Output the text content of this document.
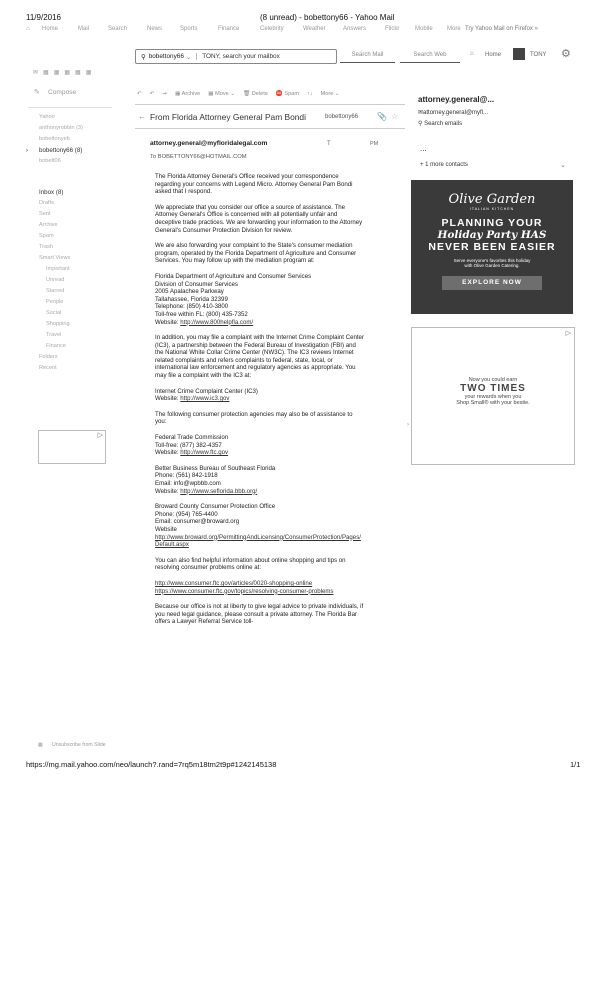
11/9/2016	(8 unread) - bobettony66 - Yahoo Mail
⌂	Home	Mail	Search	News	Sports	Finance	Celebrity	Weather	Answers	Flickr	Mobile	More Try Yahoo Mail on Firefox »
⚲ bobettony66 ⌄	TONY, search your mailbox	Search Mail	Search Web	⌂ Home	TONY ⚙
✉▦▦▦▦▦
✎ Compose
Yahoo
anthonyrobbin (3)
bobettonyeb
› bobettony66 (8)
bobett06
Inbox (8)
Drafts
Sent
Archive
Spam
Trash
Smart Views
Important
Unread
Starred
People
Social
Shopping
Travel
Finance
Folders
Recent
▷
▦ Unsubscribe from Slide
↶ ↶ ➞ ▦ Archive ▦ Move ⌄ 🗑 Delete ⛔ Spam ↑↓ More ⌄
← From Florida Attorney General Pam Bondi	bobettony66 📎 ☆
attorney.general@myfloridalegal.com	T	PM
To BOBETTONY66@HOTMAIL.COM

The Florida Attorney General's Office received your correspondence regarding your concerns with Legend Micro. Attorney General Pam Bondi asked that I respond.

We appreciate that you consider our office a source of assistance. The Attorney General's Office is concerned with all potentially unfair and deceptive trade practices. We are forwarding your information to the Attorney General's Consumer Protection Division for review.

We are also forwarding your complaint to the State's consumer mediation program, operated by the Florida Department of Agriculture and Consumer Services. You may follow up with the mediation program at:

Florida Department of Agriculture and Consumer Services
Division of Consumer Services
2005 Apalachee Parkway
Tallahassee, Florida 32399
Telephone: (850) 410-3800
Toll-free within FL: (800) 435-7352
Website: http://www.800helpfla.com/

In addition, you may file a complaint with the Internet Crime Complaint Center (IC3), a partnership between the Federal Bureau of Investigation (FBI) and the National White Collar Crime Center (NW3C). The IC3 reviews Internet related complaints and refers complaints to federal, state, local, or international law enforcement and regulatory agencies as appropriate. You may file a complaint with the IC3 at:

Internet Crime Complaint Center (IC3)
Website: http://www.ic3.gov

The following consumer protection agencies may also be of assistance to you:

Federal Trade Commission
Toll-free: (877) 382-4357
Website: http://www.ftc.gov

Better Business Bureau of Southeast Florida
Phone: (561) 842-1918
Email: info@wpbbb.com
Website: http://www.seflorida.bbb.org/

Broward County Consumer Protection Office
Phone: (954) 765-4400
Email: consumer@broward.org
Website
http://www.broward.org/PermittingAndLicensing/ConsumerProtection/Pages/Default.aspx

You can also find helpful information about online shopping and tips on resolving consumer problems online at:

http://www.consumer.ftc.gov/articles/0020-shopping-online
https://www.consumer.ftc.gov/topics/resolving-consumer-problems

Because our office is not at liberty to give legal advice to private individuals, if you need legal guidance, please consult a private attorney. The Florida Bar offers a Lawyer Referral Service toll-

›
attorney.general@...
✉attorney.general@myfl...
⚲ Search emails
...
+ 1 more contacts	⌄
Olive Garden
ITALIAN KITCHEN
PLANNING YOUR
Holiday Party HAS
NEVER BEEN EASIER
Serve everyone's favorites this holiday
with Olive Garden Catering.
EXPLORE NOW
▷
Now you could earn
TWO TIMES
your rewards when you
Shop Small® with your bestie.
https://mg.mail.yahoo.com/neo/launch?.rand=7rq5m18tm2t9p#1242145138	1/1
